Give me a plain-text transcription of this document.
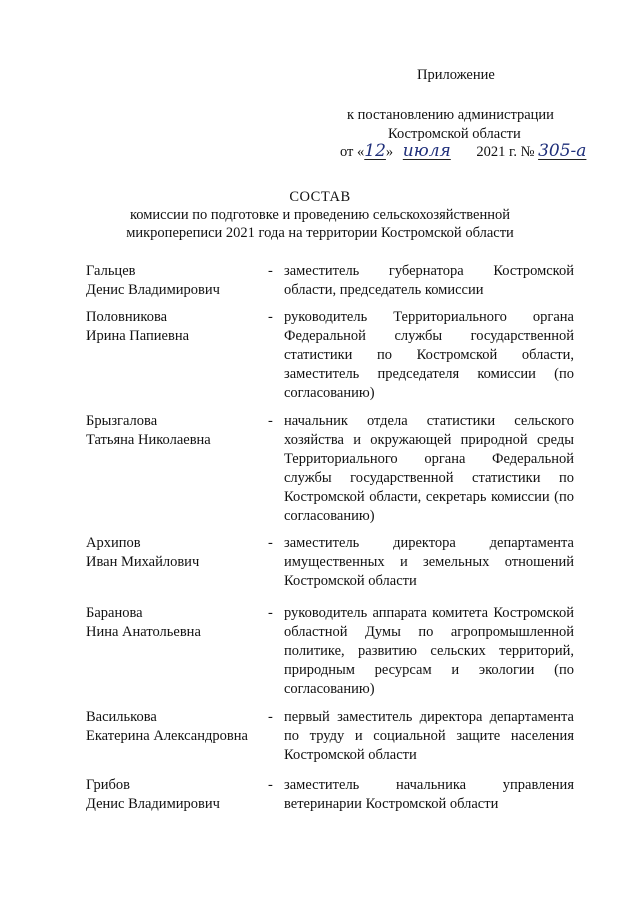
Приложение
к постановлению администрации
Костромской области
от «12» июля 2021 г. № 305-а
СОСТАВ
комиссии по подготовке и проведению сельскохозяйственной
микропереписи 2021 года на территории Костромской области
Гальцев
Денис Владимирович
- заместитель губернатора Костромской области, председатель комиссии
Половникова
Ирина Папиевна
- руководитель Территориального органа Федеральной службы государственной статистики по Костромской области, заместитель председателя комиссии (по согласованию)
Брызгалова
Татьяна Николаевна
- начальник отдела статистики сельского хозяйства и окружающей природной среды Территориального органа Федеральной службы государственной статистики по Костромской области, секретарь комиссии (по согласованию)
Архипов
Иван Михайлович
- заместитель директора департамента имущественных и земельных отношений Костромской области
Баранова
Нина Анатольевна
- руководитель аппарата комитета Костромской областной Думы по агропромышленной политике, развитию сельских территорий, природным ресурсам и экологии (по согласованию)
Василькова
Екатерина Александровна
- первый заместитель директора департамента по труду и социальной защите населения Костромской области
Грибов
Денис Владимирович
- заместитель начальника управления ветеринарии Костромской области
